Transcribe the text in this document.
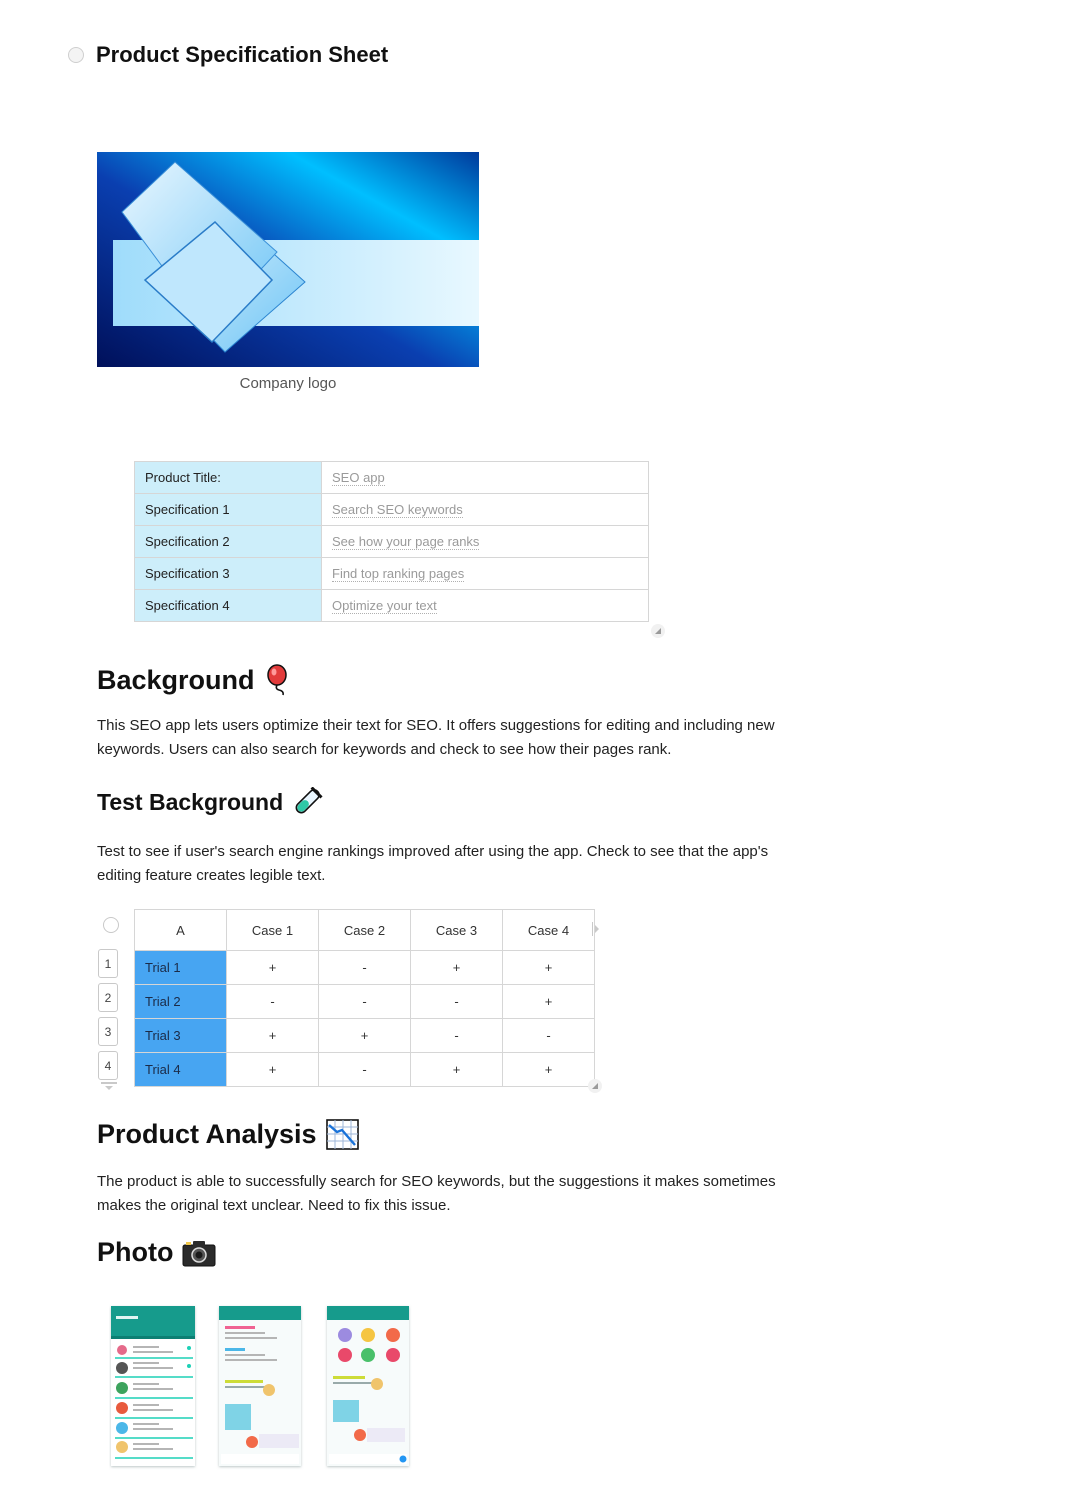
Product Specification Sheet
Company logo
Product Title:	SEO app
Specification 1	Search SEO keywords
Specification 2	See how your page ranks
Specification 3	Find top ranking pages
Specification 4	Optimize your text
Background
This SEO app lets users optimize their text for SEO. It offers suggestions for editing and including new keywords. Users can also search for keywords and check to see how their pages rank.
Test Background
Test to see if user's search engine rankings improved after using the app. Check to see that the app's editing feature creates legible text.
1
2
3
4
A	Case 1	Case 2	Case 3	Case 4
Trial 1	+	-	+	+
Trial 2	-	-	-	+
Trial 3	+	+	-	-
Trial 4	+	-	+	+
Product Analysis
The product is able to successfully search for SEO keywords, but the suggestions it makes sometimes makes the original text unclear. Need to fix this issue.
Photo
